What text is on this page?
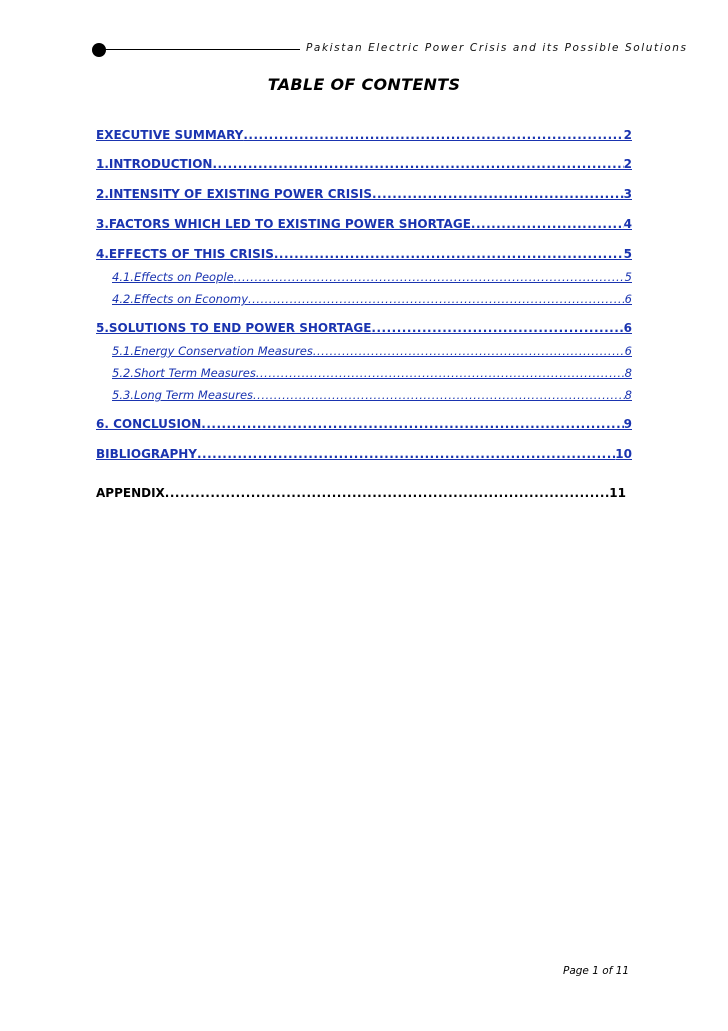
Pakistan Electric Power Crisis and its Possible Solutions
TABLE OF CONTENTS
EXECUTIVE SUMMARY .....	2
1.INTRODUCTION .....	2
2.INTENSITY OF EXISTING POWER CRISIS .....	3
3.FACTORS WHICH LED TO EXISTING POWER SHORTAGE .....	4
4.EFFECTS OF THIS CRISIS .....	5
4.1.Effects on People .....	5
4.2.Effects on Economy .....	6
5.SOLUTIONS TO END POWER SHORTAGE .....	6
5.1.Energy Conservation Measures .....	6
5.2.Short Term Measures .....	8
5.3.Long Term Measures .....	8
6. CONCLUSION .....	9
BIBLIOGRAPHY .....	10
APPENDIX .....	11
Page 1 of 11
